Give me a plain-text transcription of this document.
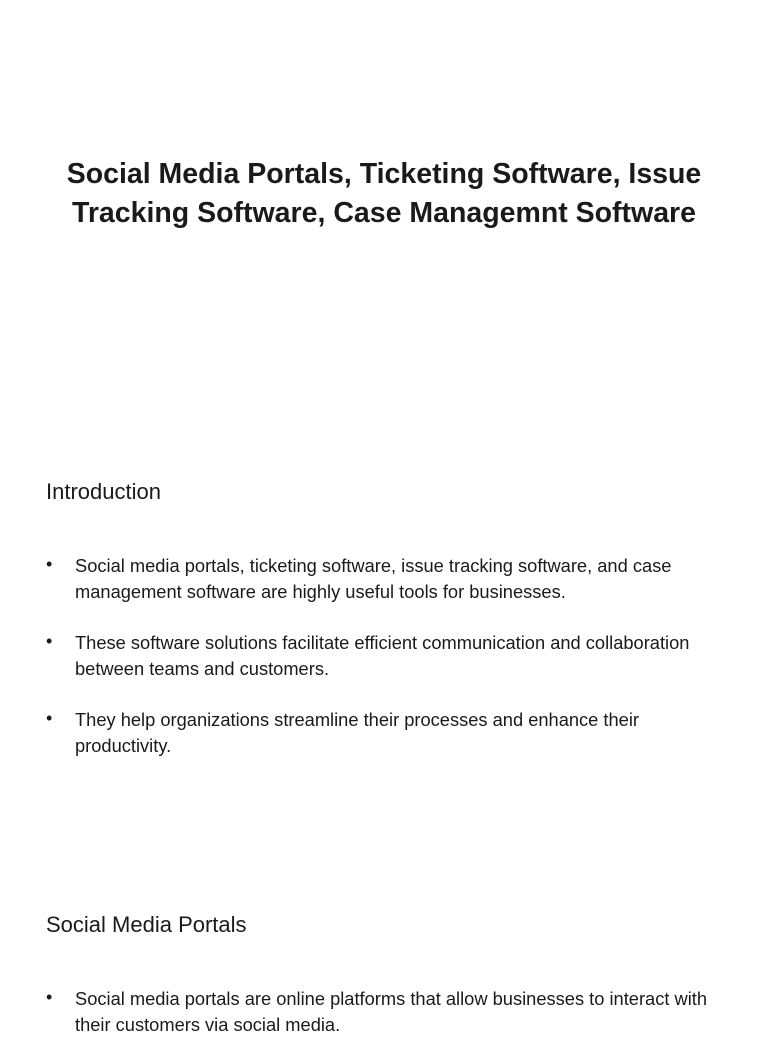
Social Media Portals, Ticketing Software, Issue Tracking Software, Case Managemnt Software
Introduction
•	Social media portals, ticketing software, issue tracking software, and case management software are highly useful tools for businesses.
•	These software solutions facilitate efficient communication and collaboration between teams and customers.
•	They help organizations streamline their processes and enhance their productivity.
Social Media Portals
•	Social media portals are online platforms that allow businesses to interact with their customers via social media.
